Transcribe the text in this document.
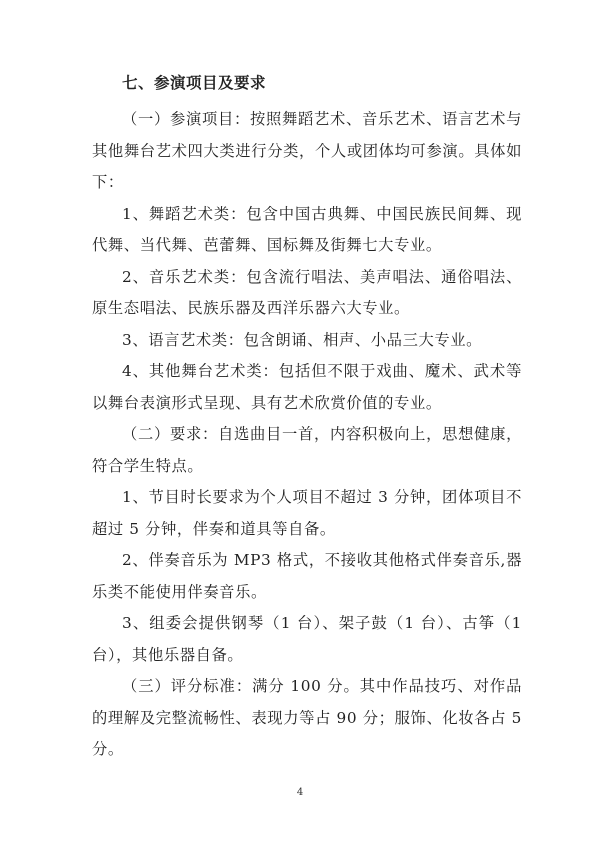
七、参演项目及要求

（一）参演项目：按照舞蹈艺术、音乐艺术、语言艺术与其他舞台艺术四大类进行分类，个人或团体均可参演。具体如下：

1、舞蹈艺术类：包含中国古典舞、中国民族民间舞、现代舞、当代舞、芭蕾舞、国标舞及街舞七大专业。

2、音乐艺术类：包含流行唱法、美声唱法、通俗唱法、原生态唱法、民族乐器及西洋乐器六大专业。

3、语言艺术类：包含朗诵、相声、小品三大专业。

4、其他舞台艺术类：包括但不限于戏曲、魔术、武术等以舞台表演形式呈现、具有艺术欣赏价值的专业。

（二）要求：自选曲目一首，内容积极向上，思想健康，符合学生特点。

1、节目时长要求为个人项目不超过 3 分钟，团体项目不超过 5 分钟，伴奏和道具等自备。

2、伴奏音乐为 MP3 格式，不接收其他格式伴奏音乐,器乐类不能使用伴奏音乐。

3、组委会提供钢琴（1 台）、架子鼓（1 台）、古筝（1 台），其他乐器自备。

（三）评分标准：满分 100 分。其中作品技巧、对作品的理解及完整流畅性、表现力等占 90 分；服饰、化妆各占 5 分。

4
